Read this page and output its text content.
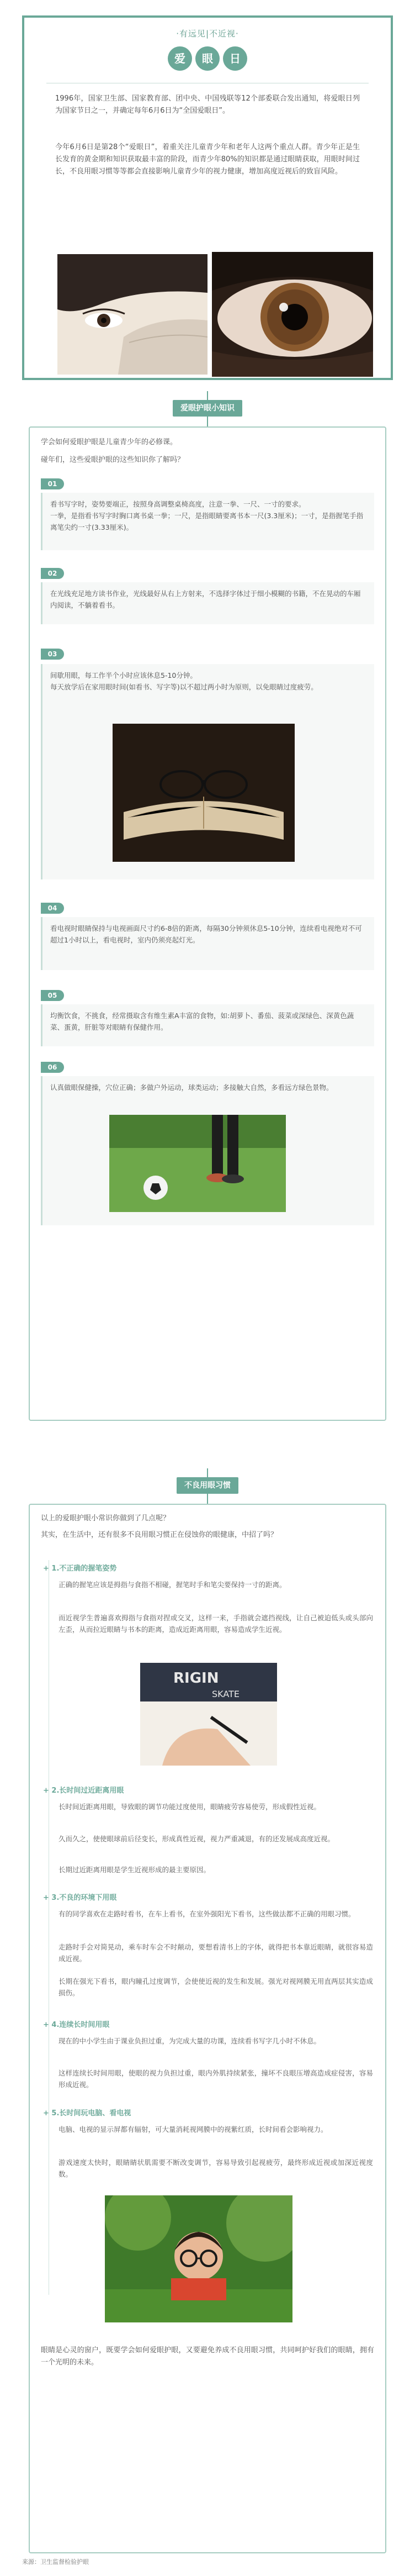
·有远见|不近视·
爱	眼	日
1996年，国家卫生部、国家教育部、团中央、中国残联等12个部委联合发出通知，将爱眼日列为国家节日之一，并确定每年6月6日为“全国爱眼日”。
今年6月6日是第28个“爱眼日”，着重关注儿童青少年和老年人这两个重点人群。青少年正是生长发育的黄金期和知识获取最丰富的阶段，而青少年80%的知识都是通过眼睛获取，用眼时间过长，不良用眼习惯等等都会直接影响儿童青少年的视力健康，增加高度近视后的致盲风险。
爱眼护眼小知识
学会如何爱眼护眼是儿童青少年的必修课。
碰年们，这些爱眼护眼的这些知识你了解吗？
01
看书写字时，姿势要端正，按照身高调整桌椅高度，注意一拳、一尺、一寸的要求。
一拳，是指看书写字时胸口离书桌一拳；一尺，是指眼睛要离书本一尺(3.3厘米)；一寸，是指握笔手指离笔尖约一寸(3.33厘米)。
02
在光线充足地方读书作业，光线最好从右上方射来，不选择字体过于细小模糊的书籍，不在晃动的车厢内阅读，不躺着看书。
03
间歇用眼，每工作半个小时应该休息5-10分钟。
每天放学后在家用眼时间(如看书、写字等)以不超过两小时为原则，以免眼睛过度疲劳。
04
看电视时眼睛保持与电视画面尺寸约6-8倍的距离，每隔30分钟须休息5-10分钟，连续看电视绝对不可超过1小时以上，看电视时，室内仍须亮起灯光。
05
均衡饮食，不挑食，经常摄取含有维生素A丰富的食物，如:胡萝卜、番茄、菠菜或深绿色、深黄色蔬菜、蛋黄，肝脏等对眼睛有保健作用。
06
认真做眼保健操，穴位正确；多做户外运动，球类运动；多接触大自然，多看远方绿色景物。
不良用眼习惯
以上的爱眼护眼小常识你做到了几点呢？
其实，在生活中，还有很多不良用眼习惯正在侵蚀你的眼健康，中招了吗？
+ 1.不正确的握笔姿势
正确的握笔应该是拇指与食指不相碰，握笔时手和笔尖要保持一寸的距离。
而近视学生普遍喜欢拇指与食指对捏或交叉，这样一来，手指就会遮挡视线，让自己被迫低头或头部向左歪，从而拉近眼睛与书本的距离，造成近距离用眼，容易造成学生近视。
RIGIN
SKATE
+ 2.长时间过近距离用眼
长时间近距离用眼，导致眼的调节功能过度使用，眼睛疲劳容易使劳，形成假性近视。
久而久之，使使眼球前后径变长，形成真性近视，视力严重减退，有的还发展成高度近视。
长期过近距离用眼是学生近视形成的最主要原因。
+ 3.不良的环境下用眼
有的同学喜欢在走路时看书，在车上看书，在室外强阳光下看书，这些做法都不正确的用眼习惯。
走路时手会对简晃动，乘车时车会不时颠动，要想看清书上的字体，就得把书本靠近眼睛，就很容易造成近视。
长期在强光下看书，眼内瞳孔过度调节，会使使近视的发生和发展。强光对视网膜无用直两层其实造成损伤。
+ 4.连续长时间用眼
现在的中小学生由于课业负担过重，为完成大量的功课，连续看书写字几小时不休息。
这样连续长时间用眼，使眼的视力负担过重，眼内外肌持续紧张，撞坏不良眼压增高造成症侵害，容易形成近视。
+ 5.长时间玩电脑、看电视
电脑、电视的显示屏都有辐射，可大量消耗视网膜中的视紫红质，长时间看会影响视力。
游戏速度太快时，眼睛睛状肌需要不断改变调节，容易导致引起视疲劳，最终形成近视或加深近视度数。
眼睛是心灵的窗户，既要学会如何爱眼护眼，又要避免养成不良用眼习惯，共同呵护好我们的眼睛，拥有一个光明的未来。
来源：卫生监督检验护眼
